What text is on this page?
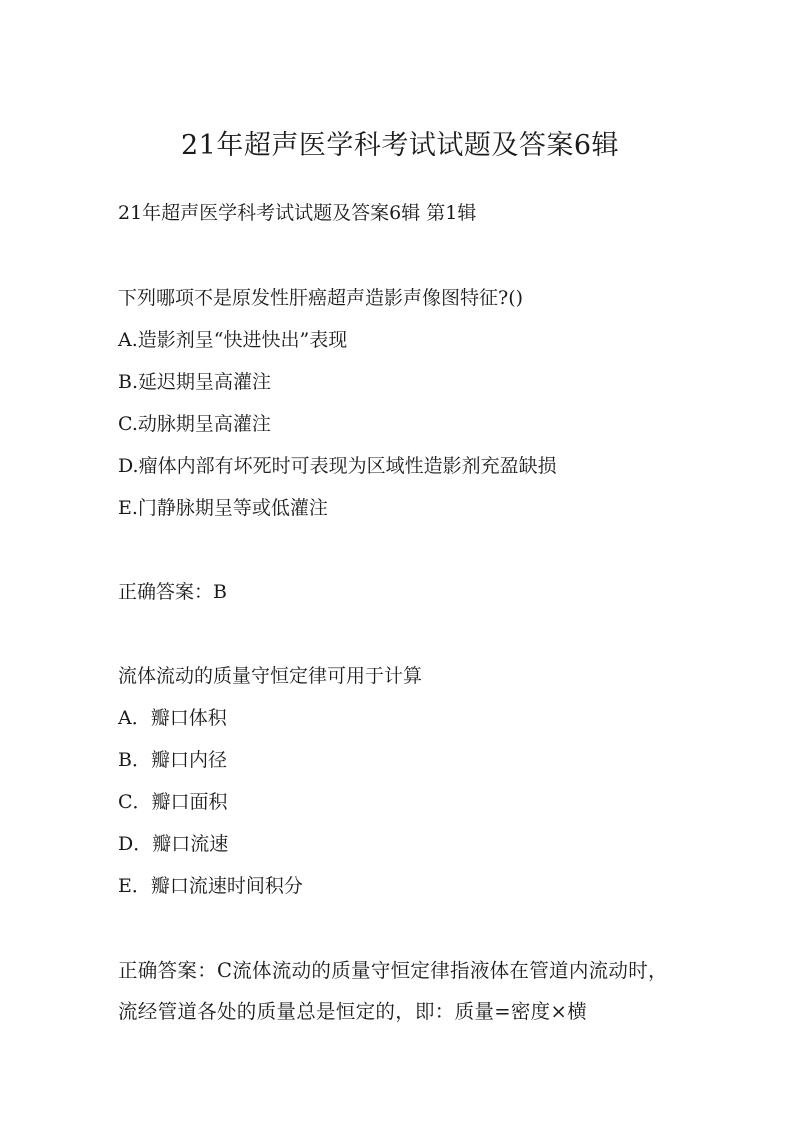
21年超声医学科考试试题及答案6辑

21年超声医学科考试试题及答案6辑 第1辑

下列哪项不是原发性肝癌超声造影声像图特征?()

A.造影剂呈“快进快出”表现

B.延迟期呈高灌注

C.动脉期呈高灌注

D.瘤体内部有坏死时可表现为区域性造影剂充盈缺损

E.门静脉期呈等或低灌注

正确答案：B

流体流动的质量守恒定律可用于计算

A．瓣口体积

B．瓣口内径

C．瓣口面积

D．瓣口流速

E．瓣口流速时间积分

正确答案：C流体流动的质量守恒定律指液体在管道内流动时，流经管道各处的质量总是恒定的，即：质量=密度×横
